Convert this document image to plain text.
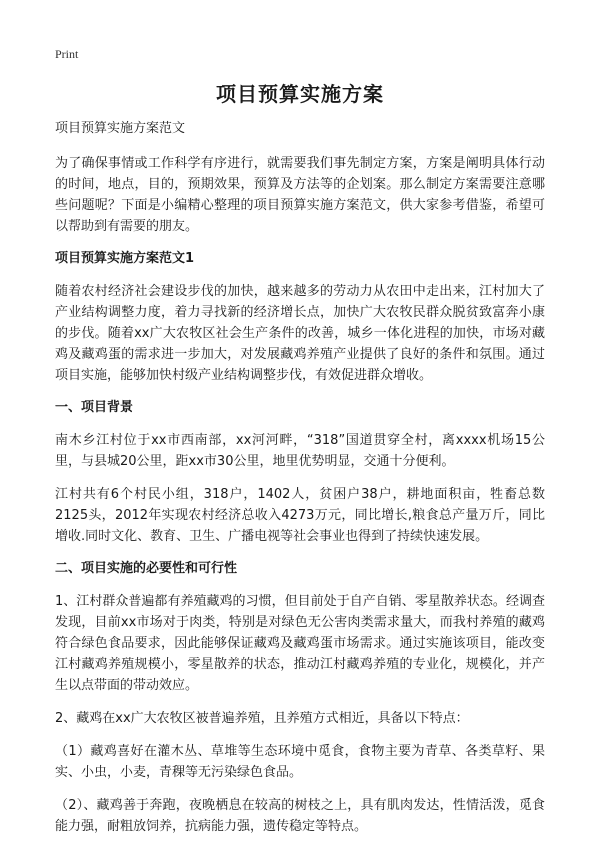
Print
项目预算实施方案

项目预算实施方案范文

为了确保事情或工作科学有序进行，就需要我们事先制定方案，方案是阐明具体行动的时间，地点，目的，预期效果，预算及方法等的企划案。那么制定方案需要注意哪些问题呢？下面是小编精心整理的项目预算实施方案范文，供大家参考借鉴，希望可以帮助到有需要的朋友。

项目预算实施方案范文1

随着农村经济社会建设步伐的加快，越来越多的劳动力从农田中走出来，江村加大了产业结构调整力度，着力寻找新的经济增长点，加快广大农牧民群众脱贫致富奔小康的步伐。随着xx广大农牧区社会生产条件的改善，城乡一体化进程的加快，市场对藏鸡及藏鸡蛋的需求进一步加大，对发展藏鸡养殖产业提供了良好的条件和氛围。通过项目实施，能够加快村级产业结构调整步伐，有效促进群众增收。

一、项目背景

南木乡江村位于xx市西南部，xx河河畔，“318”国道贯穿全村，离xxxx机场15公里，与县城20公里，距xx市30公里，地里优势明显，交通十分便利。

江村共有6个村民小组，318户，1402人，贫困户38户，耕地面积亩，牲畜总数2125头，2012年实现农村经济总收入4273万元，同比增长,粮食总产量万斤，同比增收.同时文化、教育、卫生、广播电视等社会事业也得到了持续快速发展。

二、项目实施的必要性和可行性

1、江村群众普遍都有养殖藏鸡的习惯，但目前处于自产自销、零星散养状态。经调查发现，目前xx市场对于肉类，特别是对绿色无公害肉类需求量大，而我村养殖的藏鸡符合绿色食品要求，因此能够保证藏鸡及藏鸡蛋市场需求。通过实施该项目，能改变江村藏鸡养殖规模小，零星散养的状态，推动江村藏鸡养殖的专业化，规模化，并产生以点带面的带动效应。

2、藏鸡在xx广大农牧区被普遍养殖，且养殖方式相近，具备以下特点：

（1）藏鸡喜好在灌木丛、草堆等生态环境中觅食，食物主要为青草、各类草籽、果实、小虫，小麦，青稞等无污染绿色食品。

（2）、藏鸡善于奔跑，夜晚栖息在较高的树枝之上，具有肌肉发达，性情活泼，觅食能力强，耐粗放饲养，抗病能力强，遗传稳定等特点。
